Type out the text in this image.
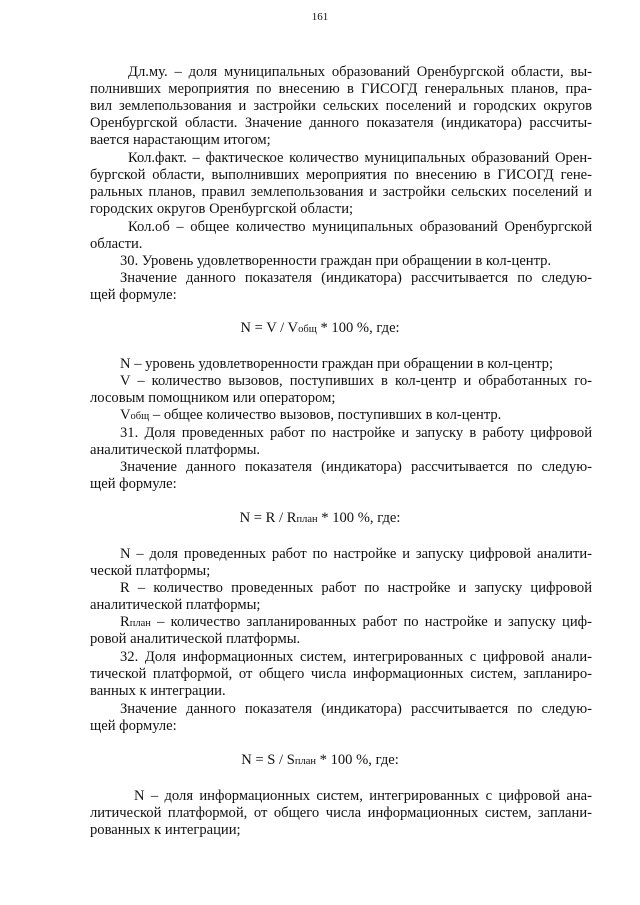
161
Дл.му. – доля муниципальных образований Оренбургской области, вы-
полнивших мероприятия по внесению в ГИСОГД генеральных планов, пра-
вил землепользования и застройки сельских поселений и городских округов
Оренбургской области. Значение данного показателя (индикатора) рассчиты-
вается нарастающим итогом;
Кол.факт. – фактическое количество муниципальных образований Орен-
бургской области, выполнивших мероприятия по внесению в ГИСОГД гене-
ральных планов, правил землепользования и застройки сельских поселений и
городских округов Оренбургской области;
Кол.об – общее количество муниципальных образований Оренбургской
области.
30. Уровень удовлетворенности граждан при обращении в кол-центр.
Значение данного показателя (индикатора) рассчитывается по следую-
щей формуле:
N = V / Vобщ * 100 %, где:
N – уровень удовлетворенности граждан при обращении в кол-центр;
V – количество вызовов, поступивших в кол-центр и обработанных го-
лосовым помощником или оператором;
Vобщ – общее количество вызовов, поступивших в кол-центр.
31. Доля проведенных работ по настройке и запуску в работу цифровой
аналитической платформы.
Значение данного показателя (индикатора) рассчитывается по следую-
щей формуле:
N = R / Rплан * 100 %, где:
N – доля проведенных работ по настройке и запуску цифровой аналити-
ческой платформы;
R – количество проведенных работ по настройке и запуску цифровой
аналитической платформы;
Rплан – количество запланированных работ по настройке и запуску циф-
ровой аналитической платформы.
32. Доля информационных систем, интегрированных с цифровой анали-
тической платформой, от общего числа информационных систем, запланиро-
ванных к интеграции.
Значение данного показателя (индикатора) рассчитывается по следую-
щей формуле:
N = S / Sплан * 100 %, где:
N – доля информационных систем, интегрированных с цифровой ана-
литической платформой, от общего числа информационных систем, заплани-
рованных к интеграции;
